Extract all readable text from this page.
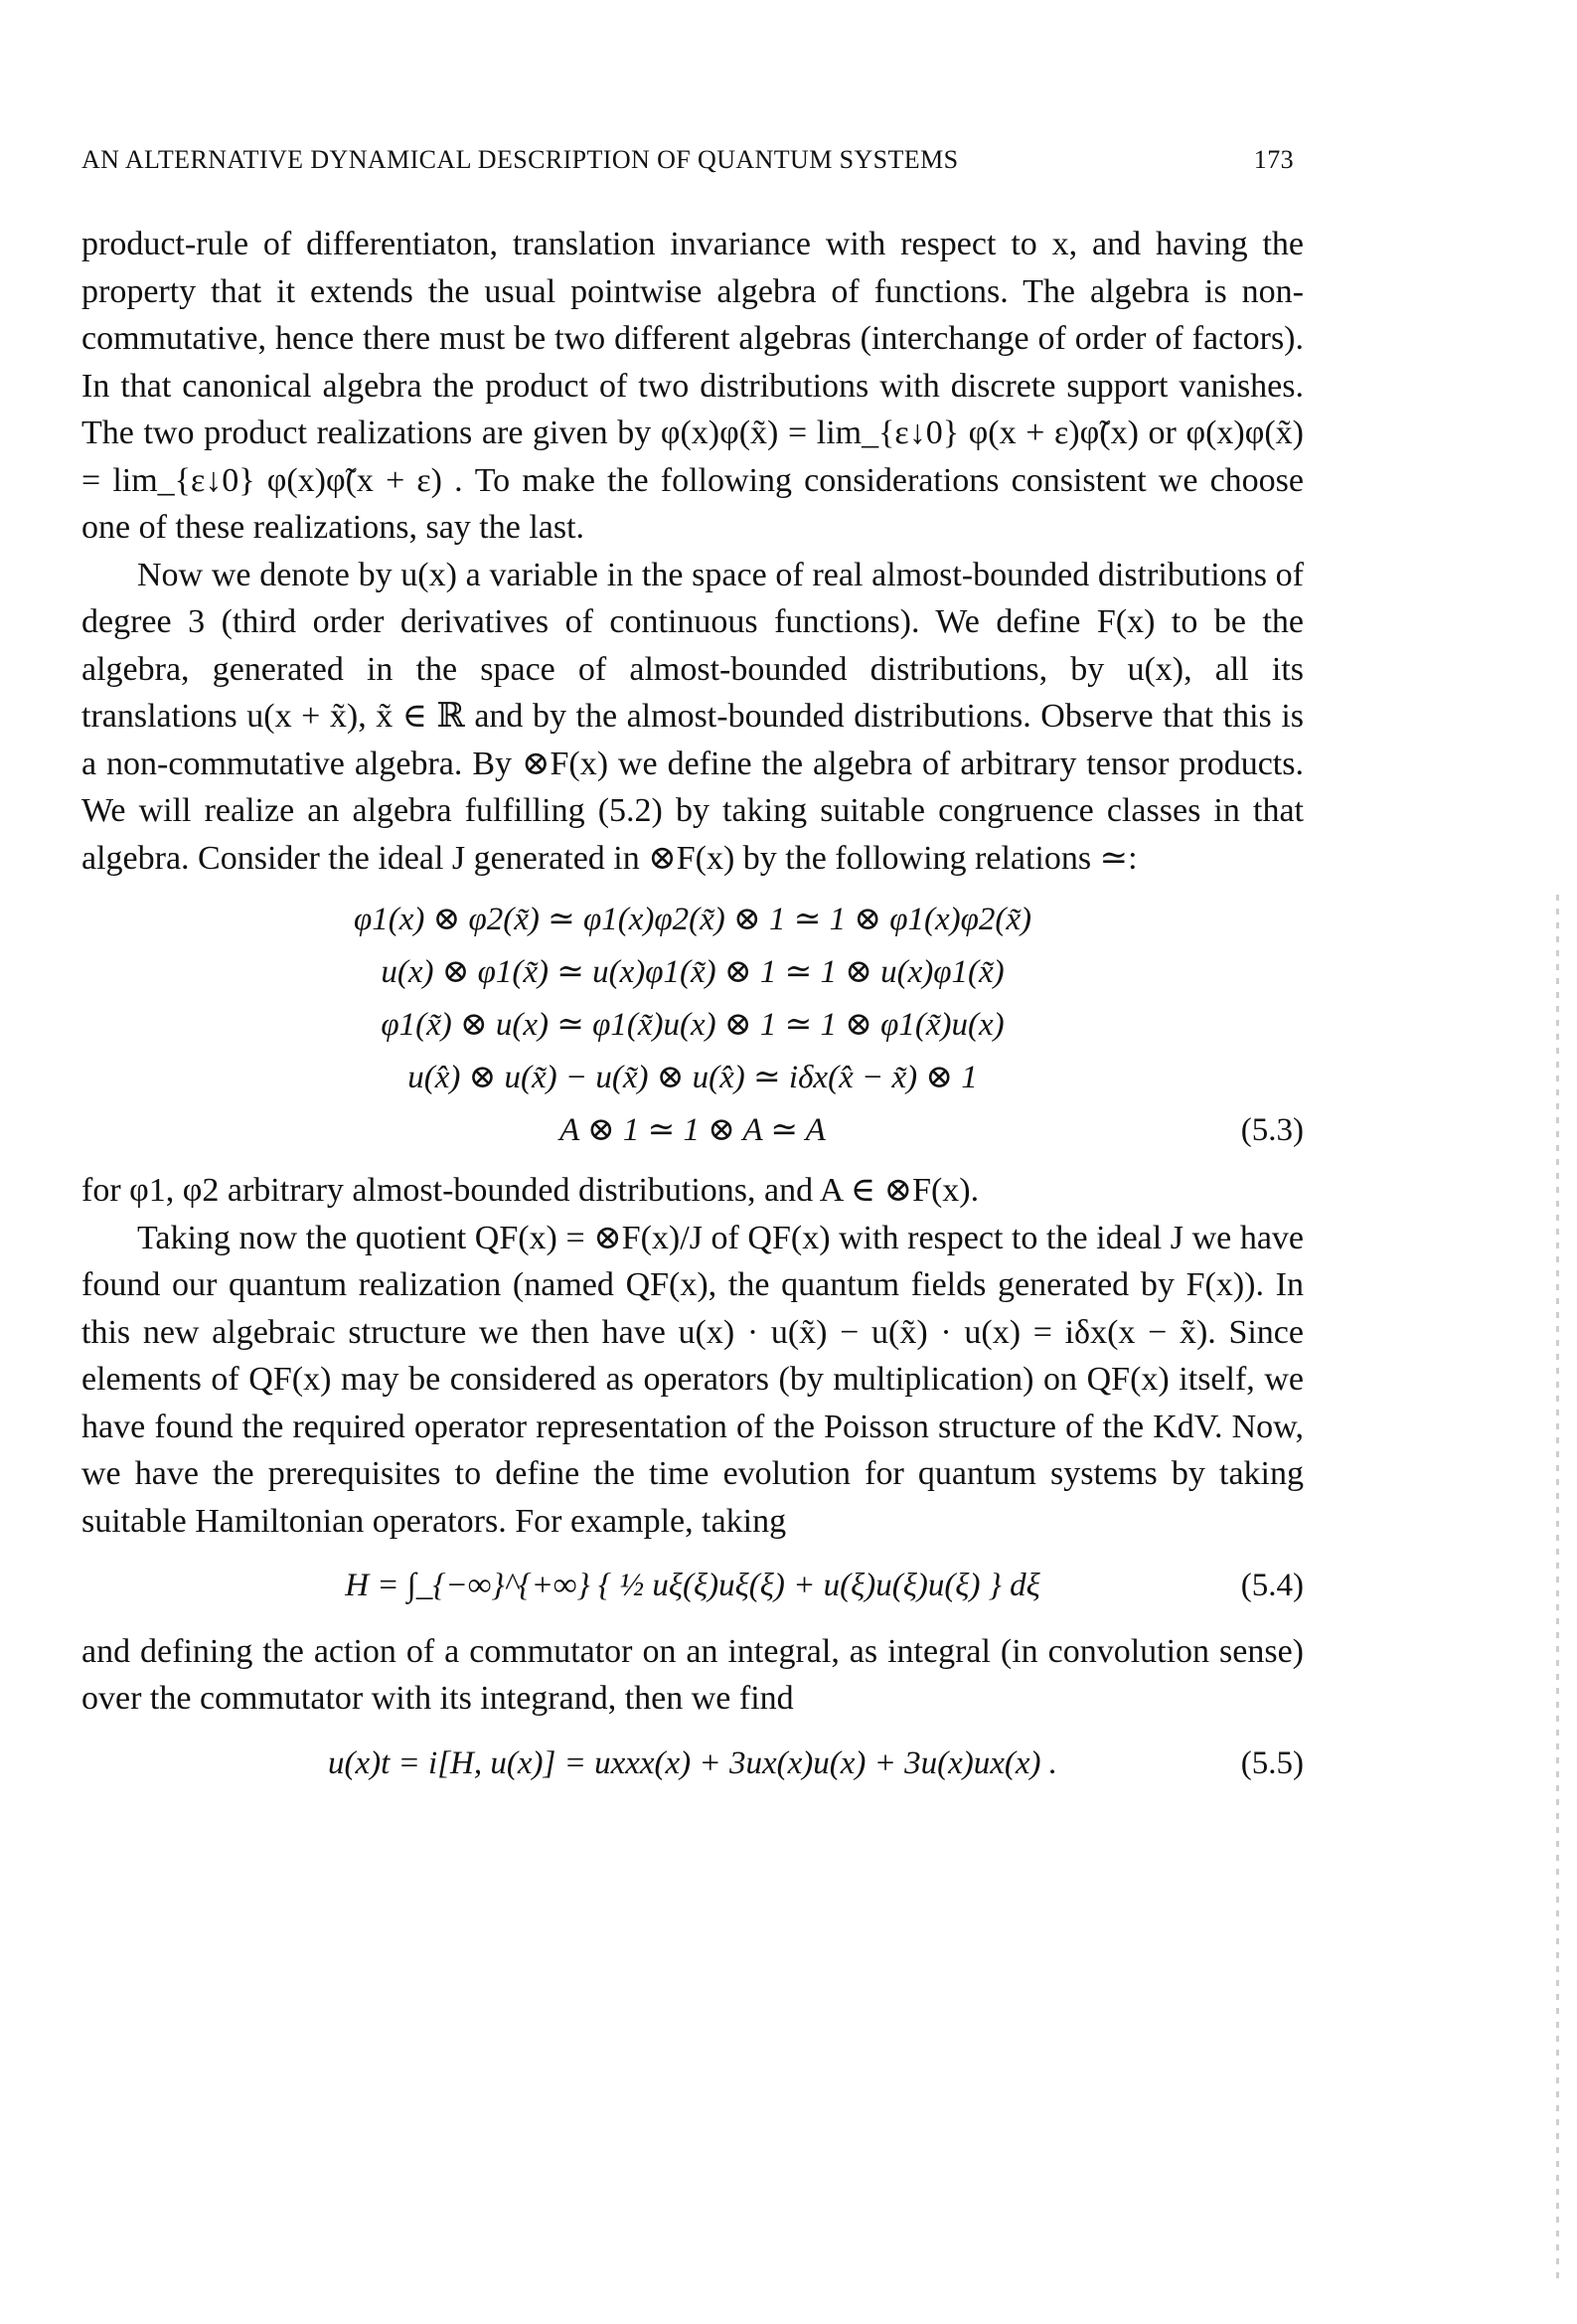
AN ALTERNATIVE DYNAMICAL DESCRIPTION OF QUANTUM SYSTEMS	173

product-rule of differentiaton, translation invariance with respect to x, and having the property that it extends the usual pointwise algebra of functions. The algebra is non-commutative, hence there must be two different algebras (interchange of order of factors). In that canonical algebra the product of two distributions with discrete support vanishes. The two product realizations are given by φ(x)φ(x̃) = lim_{ε↓0} φ(x + ε)φ̃(x) or φ(x)φ(x̃) = lim_{ε↓0} φ(x)φ̃(x + ε) . To make the following considerations consistent we choose one of these realizations, say the last.

Now we denote by u(x) a variable in the space of real almost-bounded distributions of degree 3 (third order derivatives of continuous functions). We define F(x) to be the algebra, generated in the space of almost-bounded distributions, by u(x), all its translations u(x + x̃), x̃ ∈ ℝ and by the almost-bounded distributions. Observe that this is a non-commutative algebra. By ⊗F(x) we define the algebra of arbitrary tensor products. We will realize an algebra fulfilling (5.2) by taking suitable congruence classes in that algebra. Consider the ideal J generated in ⊗F(x) by the following relations ≃:

φ1(x) ⊗ φ2(x̃) ≃ φ1(x)φ2(x̃) ⊗ 1 ≃ 1 ⊗ φ1(x)φ2(x̃)
u(x) ⊗ φ1(x̃) ≃ u(x)φ1(x̃) ⊗ 1 ≃ 1 ⊗ u(x)φ1(x̃)
φ1(x̃) ⊗ u(x) ≃ φ1(x̃)u(x) ⊗ 1 ≃ 1 ⊗ φ1(x̃)u(x)
u(x̂) ⊗ u(x̃) − u(x̃) ⊗ u(x̂) ≃ iδx(x̂ − x̃) ⊗ 1
A ⊗ 1 ≃ 1 ⊗ A ≃ A	(5.3)

for φ1, φ2 arbitrary almost-bounded distributions, and A ∈ ⊗F(x).

Taking now the quotient QF(x) = ⊗F(x)/J of QF(x) with respect to the ideal J we have found our quantum realization (named QF(x), the quantum fields generated by F(x)). In this new algebraic structure we then have u(x) · u(x̃) − u(x̃) · u(x) = iδx(x − x̃). Since elements of QF(x) may be considered as operators (by multiplication) on QF(x) itself, we have found the required operator representation of the Poisson structure of the KdV. Now, we have the prerequisites to define the time evolution for quantum systems by taking suitable Hamiltonian operators. For example, taking

H = ∫_{−∞}^{+∞} { ½ uξ(ξ)uξ(ξ) + u(ξ)u(ξ)u(ξ) } dξ	(5.4)

and defining the action of a commutator on an integral, as integral (in convolution sense) over the commutator with its integrand, then we find

u(x)t = i[H, u(x)] = uxxx(x) + 3ux(x)u(x) + 3u(x)ux(x) .	(5.5)
